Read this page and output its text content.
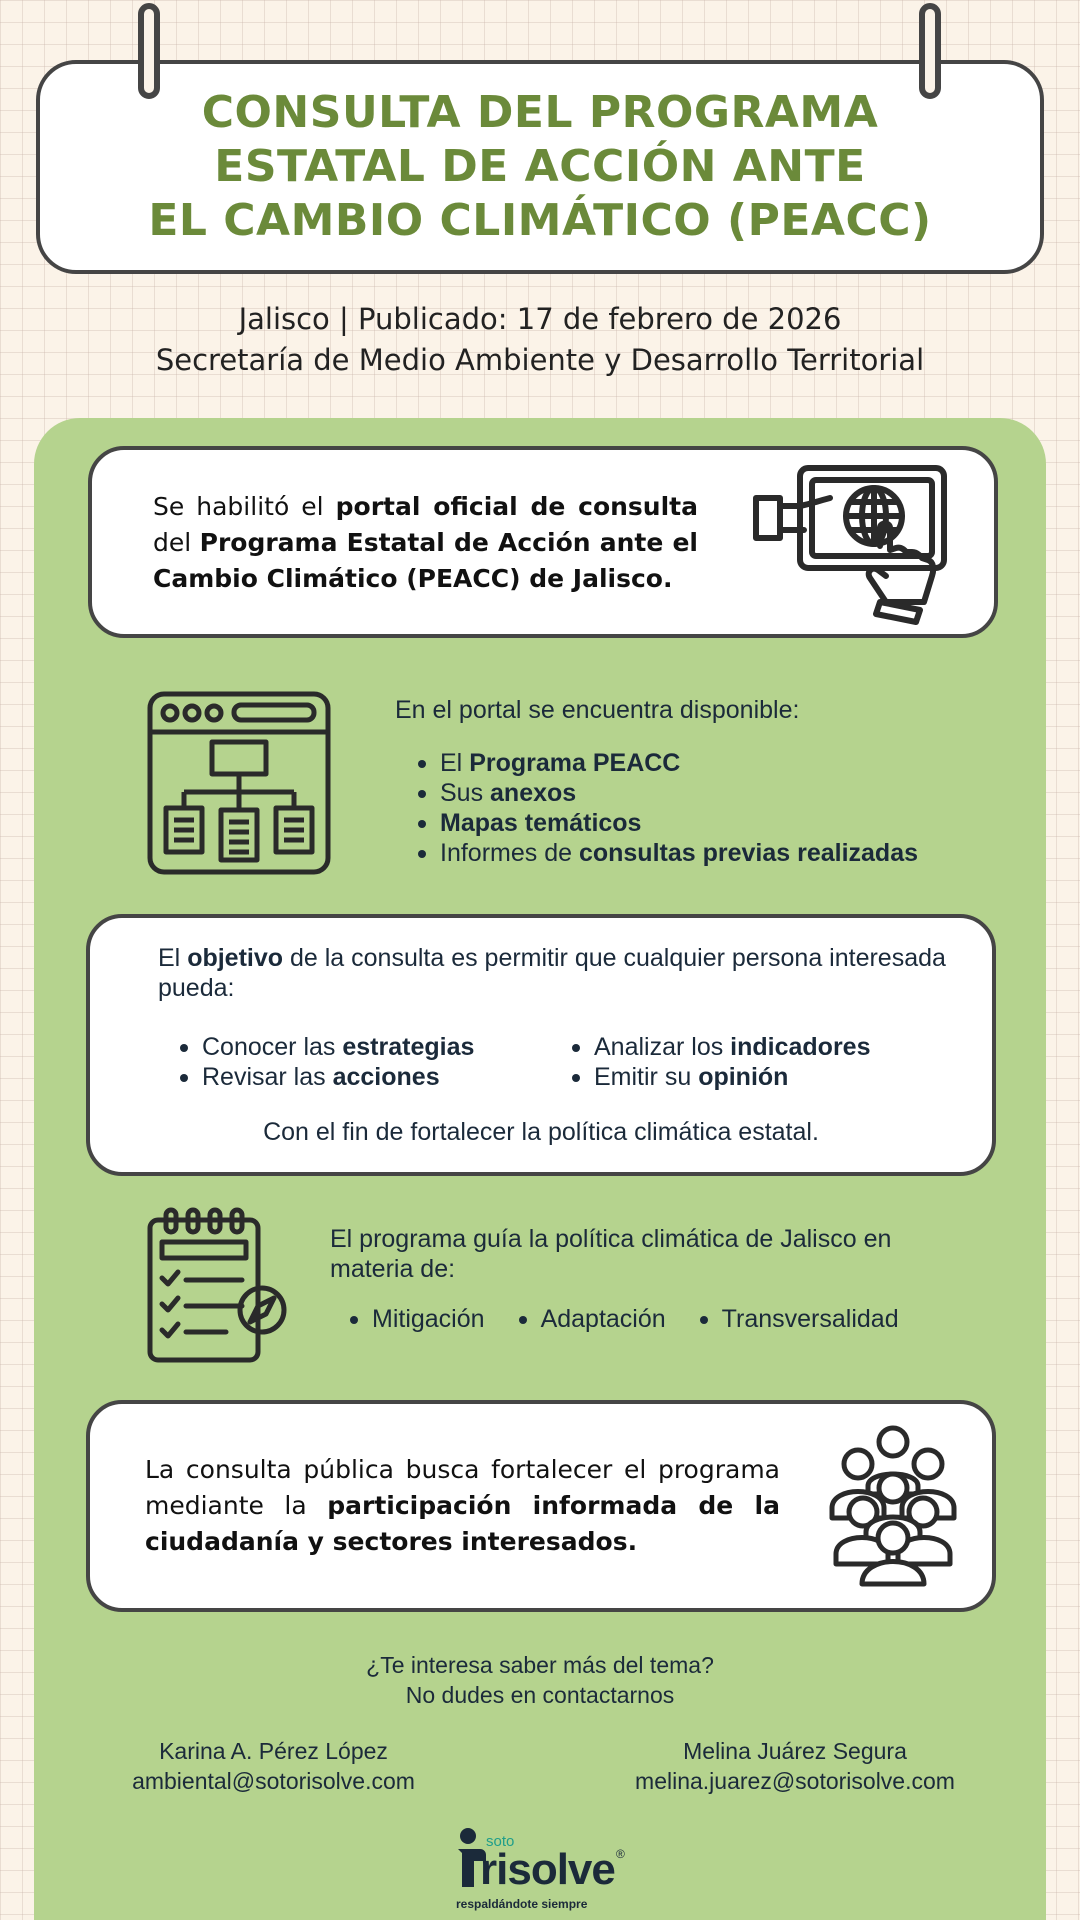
CONSULTA DEL PROGRAMA
ESTATAL DE ACCIÓN ANTE
EL CAMBIO CLIMÁTICO (PEACC)
Jalisco | Publicado: 17 de febrero de 2026
Secretaría de Medio Ambiente y Desarrollo Territorial
Se habilitó el portal oficial de consulta del Programa Estatal de Acción ante el Cambio Climático (PEACC) de Jalisco.
En el portal se encuentra disponible:
El Programa PEACC
Sus anexos
Mapas temáticos
Informes de consultas previas realizadas
El objetivo de la consulta es permitir que cualquier persona interesada pueda:
Conocer las estrategias
Revisar las acciones
Analizar los indicadores
Emitir su opinión
Con el fin de fortalecer la política climática estatal.
El programa guía la política climática de Jalisco en materia de:
Mitigación	Adaptación	Transversalidad
La consulta pública busca fortalecer el programa mediante la participación informada de la ciudadanía y sectores interesados.
¿Te interesa saber más del tema?
No dudes en contactarnos
Karina A. Pérez López
ambiental@sotorisolve.com
Melina Juárez Segura
melina.juarez@sotorisolve.com
soto
risolve ®
respaldándote siempre
